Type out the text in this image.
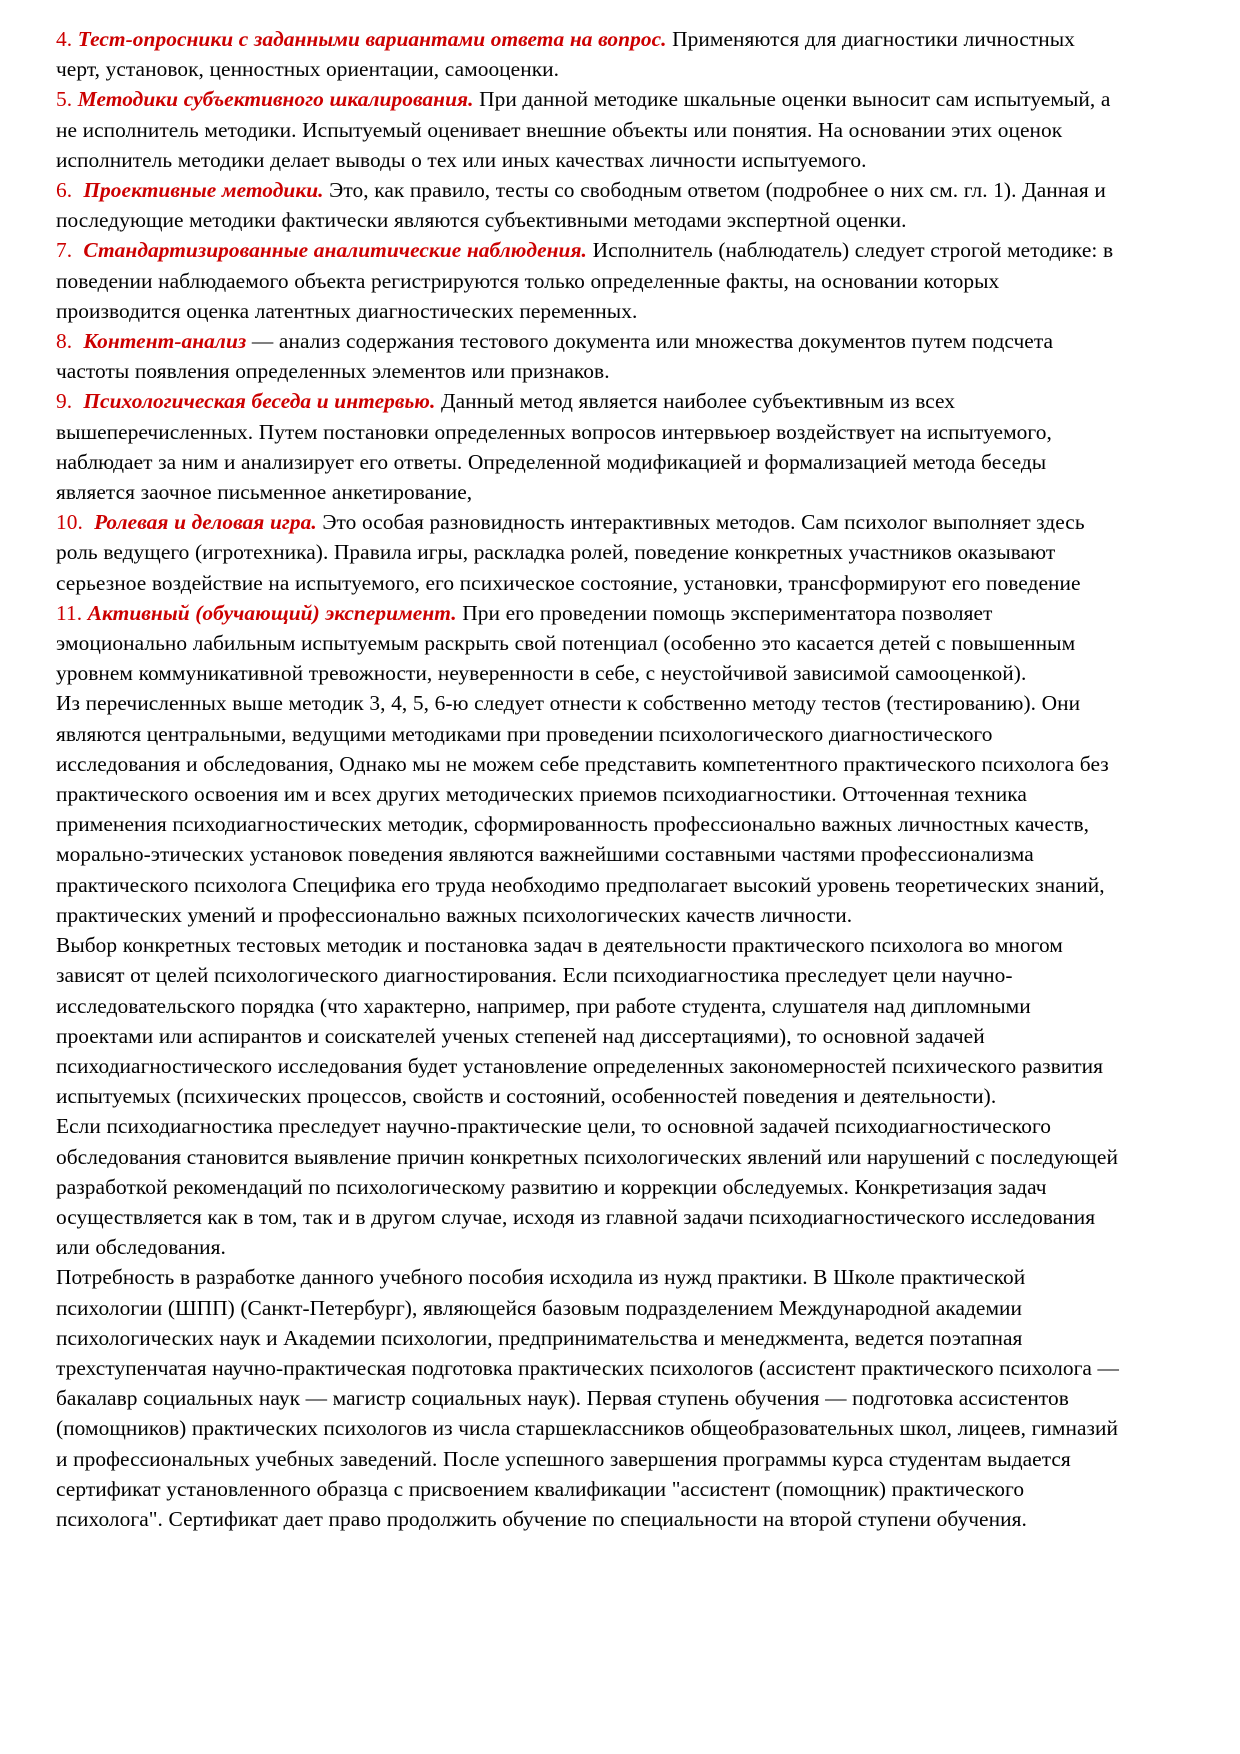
4. Тест-опросники с заданными вариантами ответа на вопрос. Применяются для диагностики личностных черт, установок, ценностных ориентации, самооценки.

5. Методики субъективного шкалирования. При данной методике шкальные оценки выносит сам испытуемый, а не исполнитель методики. Испытуемый оценивает внешние объекты или понятия. На основании этих оценок исполнитель методики делает выводы о тех или иных качествах личности испытуемого.

6. Проективные методики. Это, как правило, тесты со свободным ответом (подробнее о них см. гл. 1). Данная и последующие методики фактически являются субъективными методами экспертной оценки.

7. Стандартизированные аналитические наблюдения. Исполнитель (наблюдатель) следует строгой методике: в поведении наблюдаемого объекта регистрируются только определенные факты, на основании которых производится оценка латентных диагностических переменных.

8. Контент-анализ — анализ содержания тестового документа или множества документов путем подсчета частоты появления определенных элементов или признаков.

9. Психологическая беседа и интервью. Данный метод является наиболее субъективным из всех вышеперечисленных. Путем постановки определенных вопросов интервьюер воздействует на испытуемого, наблюдает за ним и анализирует его ответы. Определенной модификацией и формализацией метода беседы является заочное письменное анкетирование,

10. Ролевая и деловая игра. Это особая разновидность интерактивных методов. Сам психолог выполняет здесь роль ведущего (игротехника). Правила игры, раскладка ролей, поведение конкретных участников оказывают серьезное воздействие на испытуемого, его психическое состояние, установки, трансформируют его поведение

11. Активный (обучающий) эксперимент. При его проведении помощь экспериментатора позволяет эмоционально лабильным испытуемым раскрыть свой потенциал (особенно это касается детей с повышенным уровнем коммуникативной тревожности, неуверенности в себе, с неустойчивой зависимой самооценкой).

Из перечисленных выше методик 3, 4, 5, 6-ю следует отнести к собственно методу тестов (тестированию). Они являются центральными, ведущими методиками при проведении психологического диагностического исследования и обследования, Однако мы не можем себе представить компетентного практического психолога без практического освоения им и всех других методических приемов психодиагностики. Отточенная техника применения психодиагностических методик, сформированность профессионально важных личностных качеств, морально-этических установок поведения являются важнейшими составными частями профессионализма практического психолога Специфика его труда необходимо предполагает высокий уровень теоретических знаний, практических умений и профессионально важных психологических качеств личности.

Выбор конкретных тестовых методик и постановка задач в деятельности практического психолога во многом зависят от целей психологического диагностирования. Если психодиагностика преследует цели научно-исследовательского порядка (что характерно, например, при работе студента, слушателя над дипломными проектами или аспирантов и соискателей ученых степеней над диссертациями), то основной задачей психодиагностического исследования будет установление определенных закономерностей психического развития испытуемых (психических процессов, свойств и состояний, особенностей поведения и деятельности).

Если психодиагностика преследует научно-практические цели, то основной задачей психодиагностического обследования становится выявление причин конкретных психологических явлений или нарушений с последующей разработкой рекомендаций по психологическому развитию и коррекции обследуемых. Конкретизация задач осуществляется как в том, так и в другом случае, исходя из главной задачи психодиагностического исследования или обследования.

Потребность в разработке данного учебного пособия исходила из нужд практики. В Школе практической психологии (ШПП) (Санкт-Петербург), являющейся базовым подразделением Международной академии психологических наук и Академии психологии, предпринимательства и менеджмента, ведется поэтапная трехступенчатая научно-практическая подготовка практических психологов (ассистент практического психолога — бакалавр социальных наук — магистр социальных наук). Первая ступень обучения — подготовка ассистентов (помощников) практических психологов из числа старшеклассников общеобразовательных школ, лицеев, гимназий и профессиональных учебных заведений. После успешного завершения программы курса студентам выдается сертификат установленного образца с присвоением квалификации "ассистент (помощник) практического психолога". Сертификат дает право продолжить обучение по специальности на второй ступени обучения.
